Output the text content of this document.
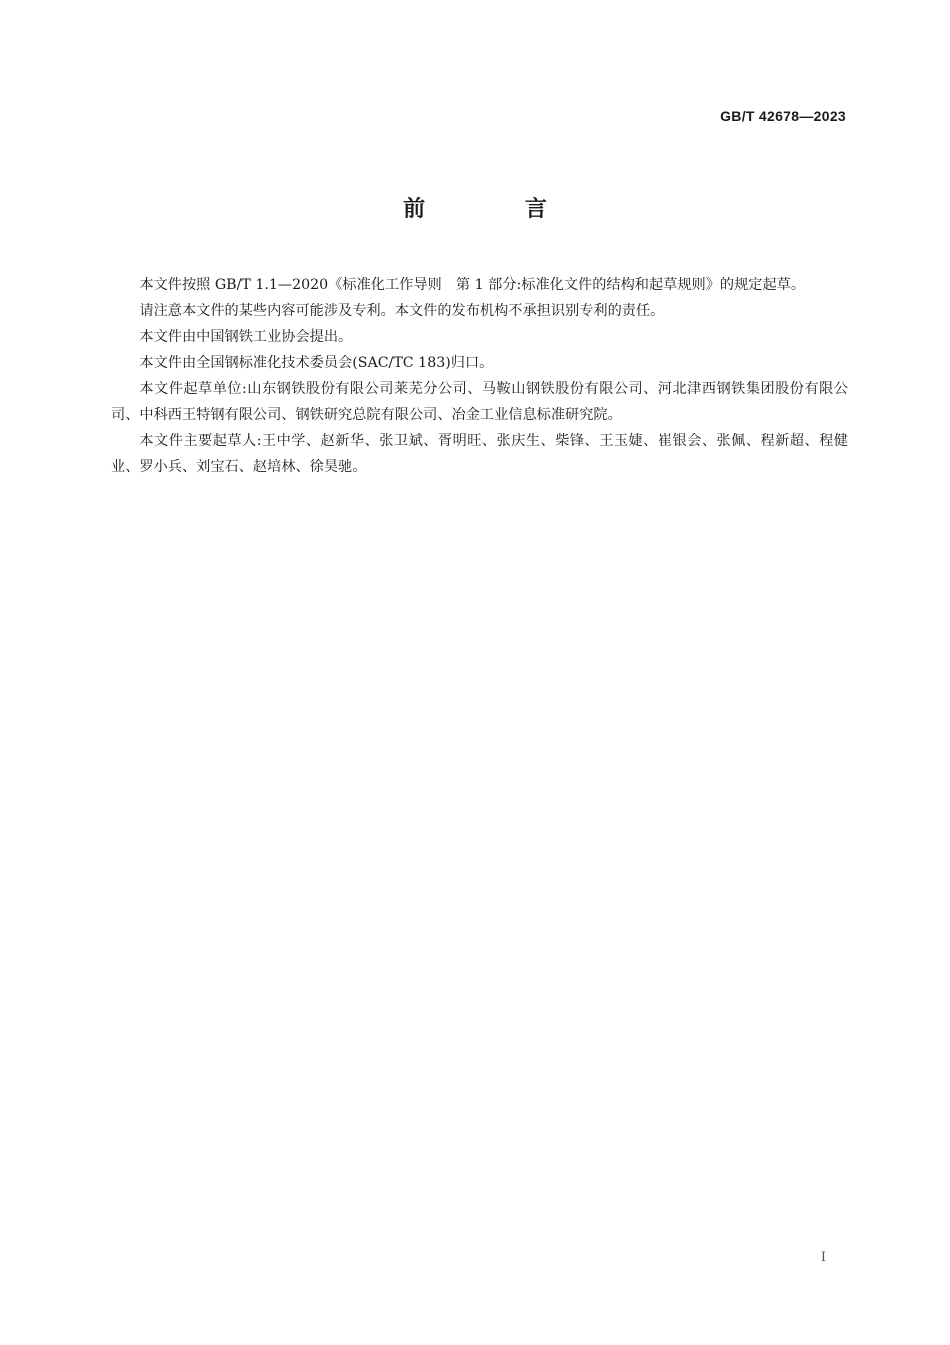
GB/T 42678—2023
前 言

本文件按照 GB/T 1.1—2020《标准化工作导则　第 1 部分:标准化文件的结构和起草规则》的规定起草。

请注意本文件的某些内容可能涉及专利。本文件的发布机构不承担识别专利的责任。

本文件由中国钢铁工业协会提出。

本文件由全国钢标准化技术委员会(SAC/TC 183)归口。

本文件起草单位:山东钢铁股份有限公司莱芜分公司、马鞍山钢铁股份有限公司、河北津西钢铁集团股份有限公司、中科西王特钢有限公司、钢铁研究总院有限公司、冶金工业信息标准研究院。

本文件主要起草人:王中学、赵新华、张卫斌、胥明旺、张庆生、柴锋、王玉婕、崔银会、张佩、程新超、程健业、罗小兵、刘宝石、赵培林、徐昊驰。

I
